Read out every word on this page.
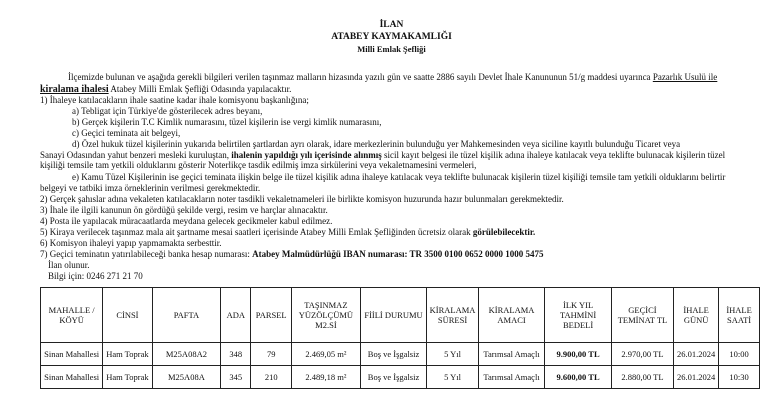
İLAN
ATABEY KAYMAKAMLIĞI
Milli Emlak Şefliği
İlçemizde bulunan ve aşağıda gerekli bilgileri verilen taşınmaz malların hizasında yazılı gün ve saatte 2886 sayılı Devlet İhale Kanununun 51/g maddesi uyarınca Pazarlık Usulü ile
kiralama ihalesi Atabey Milli Emlak Şefliği Odasında yapılacaktır.
1) İhaleye katılacakların ihale saatine kadar ihale komisyonu başkanlığına;
a) Tebligat için Türkiye'de gösterilecek adres beyanı,
b) Gerçek kişilerin T.C Kimlik numarasını, tüzel kişilerin ise vergi kimlik numarasını,
c) Geçici teminata ait belgeyi,
d) Özel hukuk tüzel kişilerinin yukarıda belirtilen şartlardan ayrı olarak, idare merkezlerinin bulunduğu yer Mahkemesinden veya siciline kayıtlı bulunduğu Ticaret veya
Sanayi Odasından yahut benzeri mesleki kuruluştan, ihalenin yapıldığı yılı içerisinde alınmış sicil kayıt belgesi ile tüzel kişilik adına ihaleye katılacak veya teklifte bulunacak kişilerin tüzel
kişiliği temsile tam yetkili olduklarını gösterir Noterlikçe tasdik edilmiş imza sirkülerini veya vekaletnamesini vermeleri,
e) Kamu Tüzel Kişilerinin ise geçici teminata ilişkin belge ile tüzel kişilik adına ihaleye katılacak veya teklifte bulunacak kişilerin tüzel kişiliği temsile tam yetkili olduklarını belirtir
belgeyi ve tatbiki imza örneklerinin verilmesi gerekmektedir.
2) Gerçek şahıslar adına vekaleten katılacakların noter tasdikli vekaletnameleri ile birlikte komisyon huzurunda hazır bulunmaları gerekmektedir.
3) İhale ile ilgili kanunun ön gördüğü şekilde vergi, resim ve harçlar alınacaktır.
4) Posta ile yapılacak müracaatlarda meydana gelecek gecikmeler kabul edilmez.
5) Kiraya verilecek taşınmaz mala ait şartname mesai saatleri içerisinde Atabey Milli Emlak Şefliğinden ücretsiz olarak görülebilecektir.
6) Komisyon ihaleyi yapıp yapmamakta serbesttir.
7) Geçici teminatın yatırılabileceği banka hesap numarası: Atabey Malmüdürlüğü IBAN numarası: TR 3500 0100 0652 0000 1000 5475
İlan olunur.
Bilgi için: 0246 271 21 70
MAHALLE / KÖYÜ	CİNSİ	PAFTA	ADA	PARSEL	TAŞINMAZ YÜZÖLÇÜMÜ M2.Sİ	FİİLİ DURUMU	KİRALAMA SÜRESİ	KİRALAMA AMACI	İLK YIL TAHMİNİ BEDELİ	GEÇİCİ TEMİNAT TL	İHALE GÜNÜ	İHALE SAATİ
Sinan Mahallesi	Ham Toprak	M25A08A2	348	79	2.469,05 m²	Boş ve İşgalsiz	5 Yıl	Tarımsal Amaçlı	9.900,00 TL	2.970,00 TL	26.01.2024	10:00
Sinan Mahallesi	Ham Toprak	M25A08A	345	210	2.489,18 m²	Boş ve İşgalsiz	5 Yıl	Tarımsal Amaçlı	9.600,00 TL	2.880,00 TL	26.01.2024	10:30
